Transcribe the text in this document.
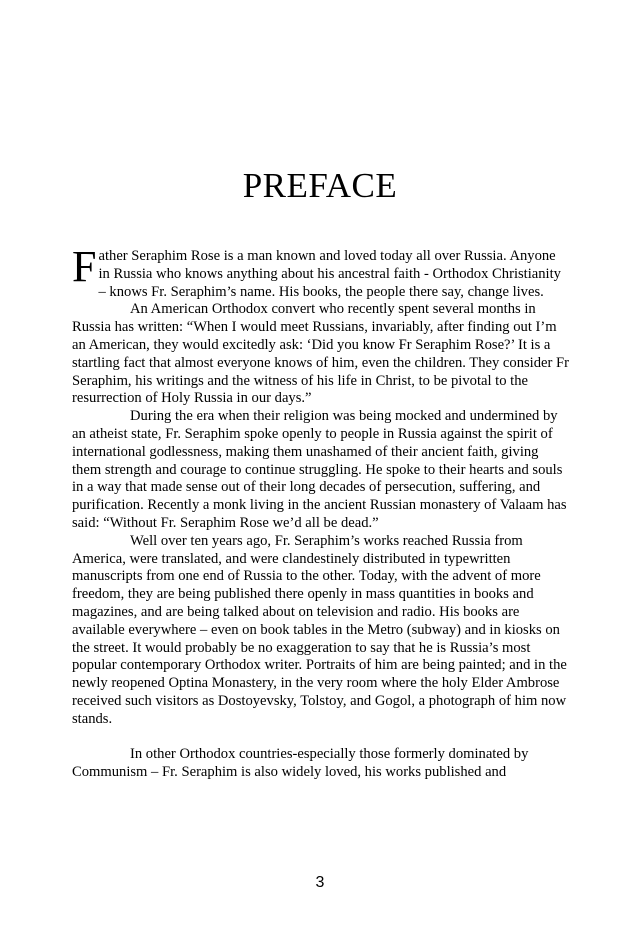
PREFACE

Father Seraphim Rose is a man known and loved today all over Russia. Anyone in Russia who knows anything about his ancestral faith - Orthodox Christianity – knows Fr. Seraphim’s name. His books, the people there say, change lives.

An American Orthodox convert who recently spent several months in Russia has written: “When I would meet Russians, invariably, after finding out I’m an American, they would excitedly ask: ‘Did you know Fr Seraphim Rose?’ It is a startling fact that almost everyone knows of him, even the children. They consider Fr Seraphim, his writings and the witness of his life in Christ, to be pivotal to the resurrection of Holy Russia in our days.”

During the era when their religion was being mocked and undermined by an atheist state, Fr. Seraphim spoke openly to people in Russia against the spirit of international godlessness, making them unashamed of their ancient faith, giving them strength and courage to continue struggling. He spoke to their hearts and souls in a way that made sense out of their long decades of persecution, suffering, and purification. Recently a monk living in the ancient Russian monastery of Valaam has said: “Without Fr. Seraphim Rose we’d all be dead.”

Well over ten years ago, Fr. Seraphim’s works reached Russia from America, were translated, and were clandestinely distributed in typewritten manuscripts from one end of Russia to the other. Today, with the advent of more freedom, they are being published there openly in mass quantities in books and magazines, and are being talked about on television and radio. His books are available everywhere – even on book tables in the Metro (subway) and in kiosks on the street. It would probably be no exaggeration to say that he is Russia’s most popular contemporary Orthodox writer. Portraits of him are being painted; and in the newly reopened Optina Monastery, in the very room where the holy Elder Ambrose received such visitors as Dostoyevsky, Tolstoy, and Gogol, a photograph of him now stands.

In other Orthodox countries-especially those formerly dominated by Communism – Fr. Seraphim is also widely loved, his works published and

3
